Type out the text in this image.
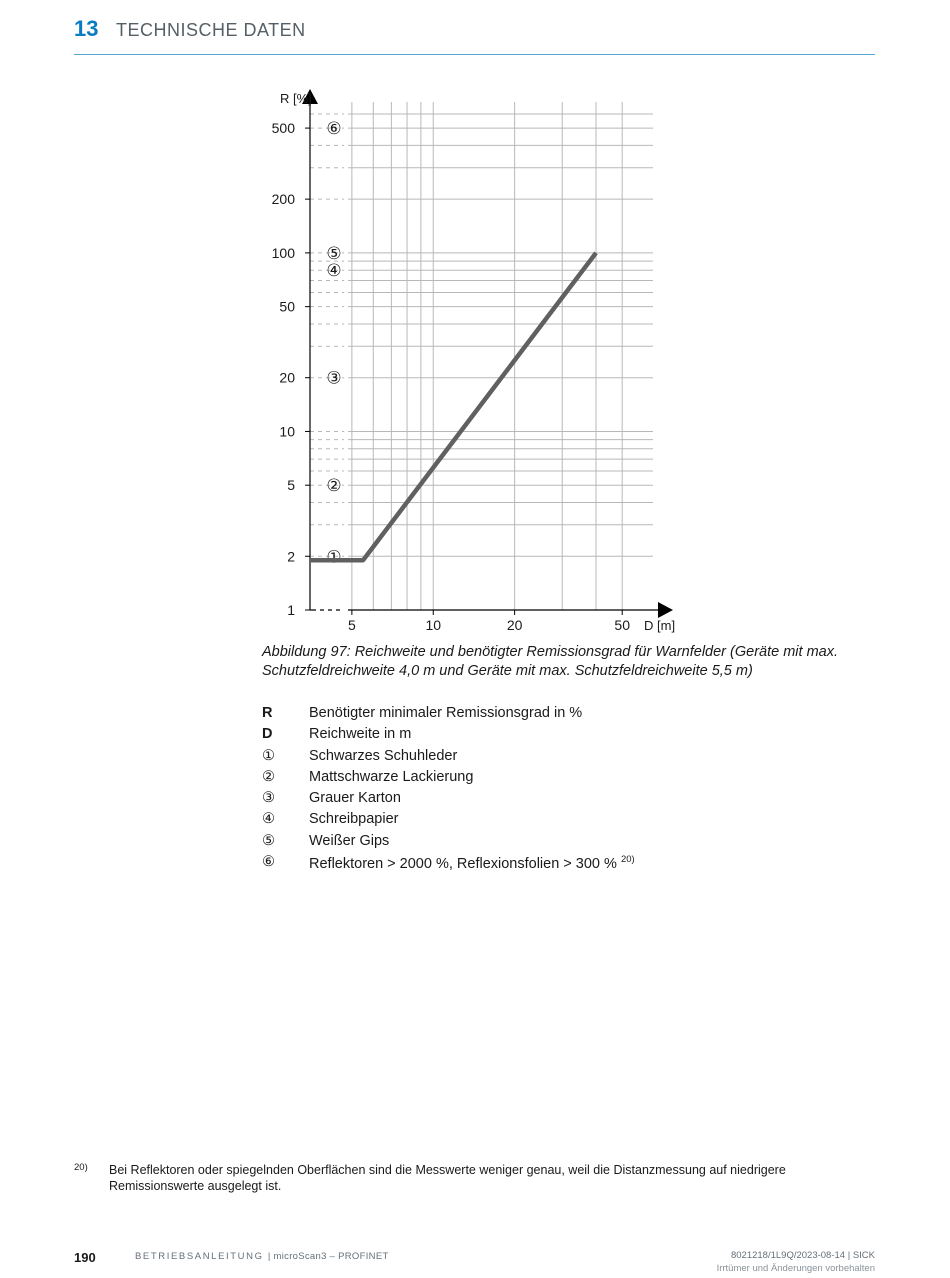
13 TECHNISCHE DATEN
R [%]
D [m]
1
2
5
10
20
50
100
200
500
5	10	20	50
①
②
③
④
⑤
⑥
Abbildung 97: Reichweite und benötigter Remissionsgrad für Warnfelder (Geräte mit max. Schutzfeldreichweite 4,0 m und Geräte mit max. Schutzfeldreichweite 5,5 m)
R	Benötigter minimaler Remissionsgrad in %
D	Reichweite in m
① Schwarzes Schuhleder
② Mattschwarze Lackierung
③ Grauer Karton
④ Schreibpapier
⑤ Weißer Gips
⑥ Reflektoren > 2000 %, Reflexionsfolien > 300 % $^{20)}$
20) Bei Reflektoren oder spiegelnden Oberflächen sind die Messwerte weniger genau, weil die Distanzmessung auf niedrigere Remissionswerte ausgelegt ist.
190	BETRIEBSANLEITUNG | microScan3 – PROFINET	8021218/1L9Q/2023-08-14 | SICK
Irrtümer und Änderungen vorbehalten
